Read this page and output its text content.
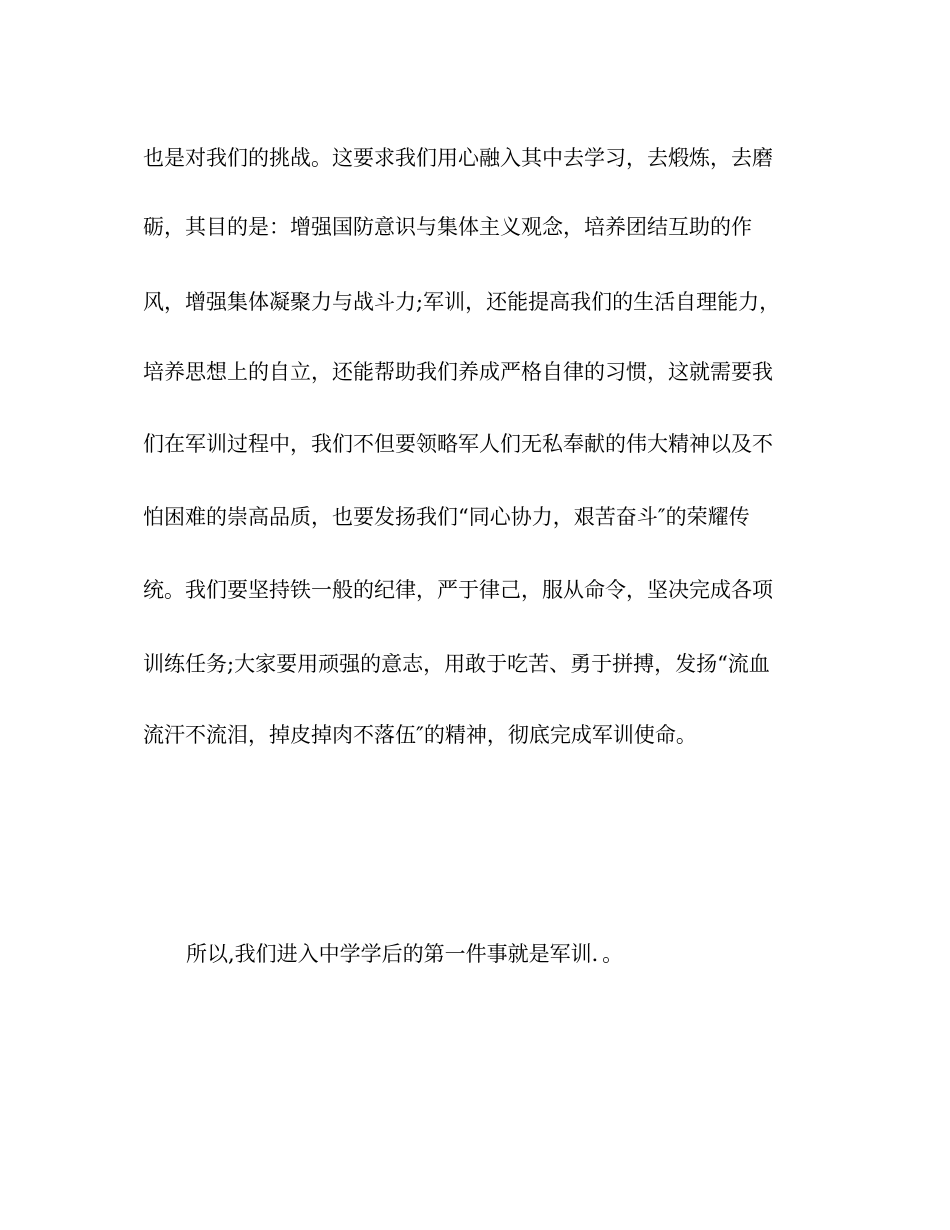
也是对我们的挑战。这要求我们用心融入其中去学习，去煅炼，去磨
砺，其目的是：增强国防意识与集体主义观念，培养团结互助的作
风，增强集体凝聚力与战斗力;军训，还能提高我们的生活自理能力，
培养思想上的自立，还能帮助我们养成严格自律的习惯，这就需要我
们在军训过程中，我们不但要领略军人们无私奉献的伟大精神以及不
怕困难的崇高品质，也要发扬我们“同心协力，艰苦奋斗″的荣耀传
统。我们要坚持铁一般的纪律，严于律己，服从命令，坚决完成各项
训练任务;大家要用顽强的意志，用敢于吃苦、勇于拼搏，发扬“流血
流汗不流泪，掉皮掉肉不落伍″的精神，彻底完成军训使命。
所以,我们进入中学学后的第一件事就是军训．。
